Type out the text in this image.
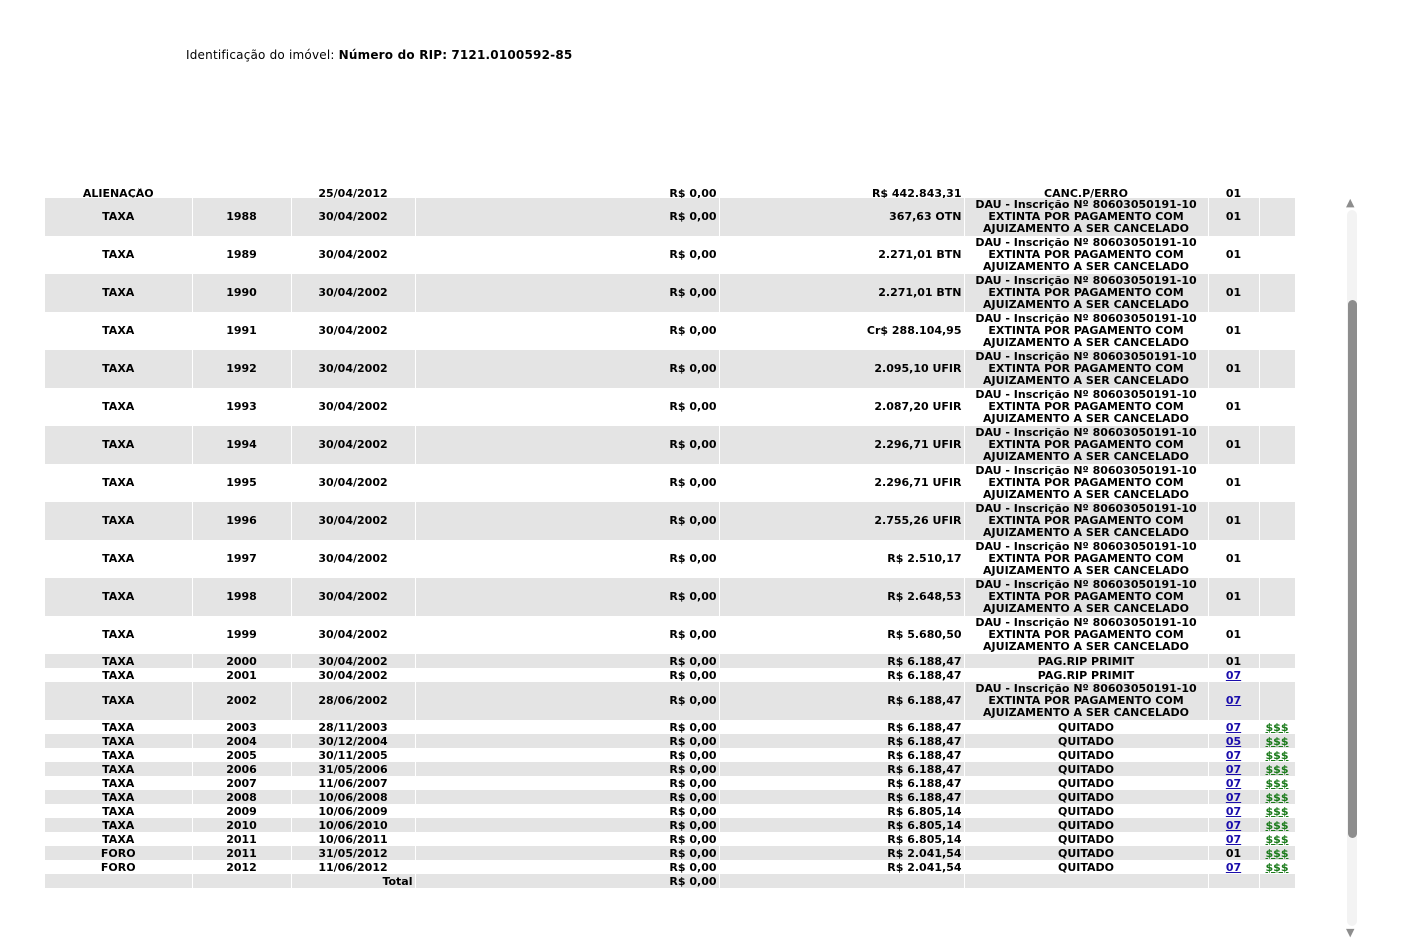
Identificação do imóvel: Número do RIP: 7121.0100592-85
ALIENAÇÃO		25/04/2012	R$ 0,00	R$ 442.843,31	CANC.P/ERRO	01	
TAXA	1988	30/04/2002	R$ 0,00	367,63 OTN	DAU - Inscrição Nº 80603050191-10 EXTINTA POR PAGAMENTO COM AJUIZAMENTO A SER CANCELADO	01	
TAXA	1989	30/04/2002	R$ 0,00	2.271,01 BTN	DAU - Inscrição Nº 80603050191-10 EXTINTA POR PAGAMENTO COM AJUIZAMENTO A SER CANCELADO	01	
TAXA	1990	30/04/2002	R$ 0,00	2.271,01 BTN	DAU - Inscrição Nº 80603050191-10 EXTINTA POR PAGAMENTO COM AJUIZAMENTO A SER CANCELADO	01	
TAXA	1991	30/04/2002	R$ 0,00	Cr$ 288.104,95	DAU - Inscrição Nº 80603050191-10 EXTINTA POR PAGAMENTO COM AJUIZAMENTO A SER CANCELADO	01	
TAXA	1992	30/04/2002	R$ 0,00	2.095,10 UFIR	DAU - Inscrição Nº 80603050191-10 EXTINTA POR PAGAMENTO COM AJUIZAMENTO A SER CANCELADO	01	
TAXA	1993	30/04/2002	R$ 0,00	2.087,20 UFIR	DAU - Inscrição Nº 80603050191-10 EXTINTA POR PAGAMENTO COM AJUIZAMENTO A SER CANCELADO	01	
TAXA	1994	30/04/2002	R$ 0,00	2.296,71 UFIR	DAU - Inscrição Nº 80603050191-10 EXTINTA POR PAGAMENTO COM AJUIZAMENTO A SER CANCELADO	01	
TAXA	1995	30/04/2002	R$ 0,00	2.296,71 UFIR	DAU - Inscrição Nº 80603050191-10 EXTINTA POR PAGAMENTO COM AJUIZAMENTO A SER CANCELADO	01	
TAXA	1996	30/04/2002	R$ 0,00	2.755,26 UFIR	DAU - Inscrição Nº 80603050191-10 EXTINTA POR PAGAMENTO COM AJUIZAMENTO A SER CANCELADO	01	
TAXA	1997	30/04/2002	R$ 0,00	R$ 2.510,17	DAU - Inscrição Nº 80603050191-10 EXTINTA POR PAGAMENTO COM AJUIZAMENTO A SER CANCELADO	01	
TAXA	1998	30/04/2002	R$ 0,00	R$ 2.648,53	DAU - Inscrição Nº 80603050191-10 EXTINTA POR PAGAMENTO COM AJUIZAMENTO A SER CANCELADO	01	
TAXA	1999	30/04/2002	R$ 0,00	R$ 5.680,50	DAU - Inscrição Nº 80603050191-10 EXTINTA POR PAGAMENTO COM AJUIZAMENTO A SER CANCELADO	01	
TAXA	2000	30/04/2002	R$ 0,00	R$ 6.188,47	PAG.RIP PRIMIT	01	
TAXA	2001	30/04/2002	R$ 0,00	R$ 6.188,47	PAG.RIP PRIMIT	07	
TAXA	2002	28/06/2002	R$ 0,00	R$ 6.188,47	DAU - Inscrição Nº 80603050191-10 EXTINTA POR PAGAMENTO COM AJUIZAMENTO A SER CANCELADO	07	
TAXA	2003	28/11/2003	R$ 0,00	R$ 6.188,47	QUITADO	07	$$$
TAXA	2004	30/12/2004	R$ 0,00	R$ 6.188,47	QUITADO	05	$$$
TAXA	2005	30/11/2005	R$ 0,00	R$ 6.188,47	QUITADO	07	$$$
TAXA	2006	31/05/2006	R$ 0,00	R$ 6.188,47	QUITADO	07	$$$
TAXA	2007	11/06/2007	R$ 0,00	R$ 6.188,47	QUITADO	07	$$$
TAXA	2008	10/06/2008	R$ 0,00	R$ 6.188,47	QUITADO	07	$$$
TAXA	2009	10/06/2009	R$ 0,00	R$ 6.805,14	QUITADO	07	$$$
TAXA	2010	10/06/2010	R$ 0,00	R$ 6.805,14	QUITADO	07	$$$
TAXA	2011	10/06/2011	R$ 0,00	R$ 6.805,14	QUITADO	07	$$$
FORO	2011	31/05/2012	R$ 0,00	R$ 2.041,54	QUITADO	01	$$$
FORO	2012	11/06/2012	R$ 0,00	R$ 2.041,54	QUITADO	07	$$$
		Total	R$ 0,00				
▲
▼
